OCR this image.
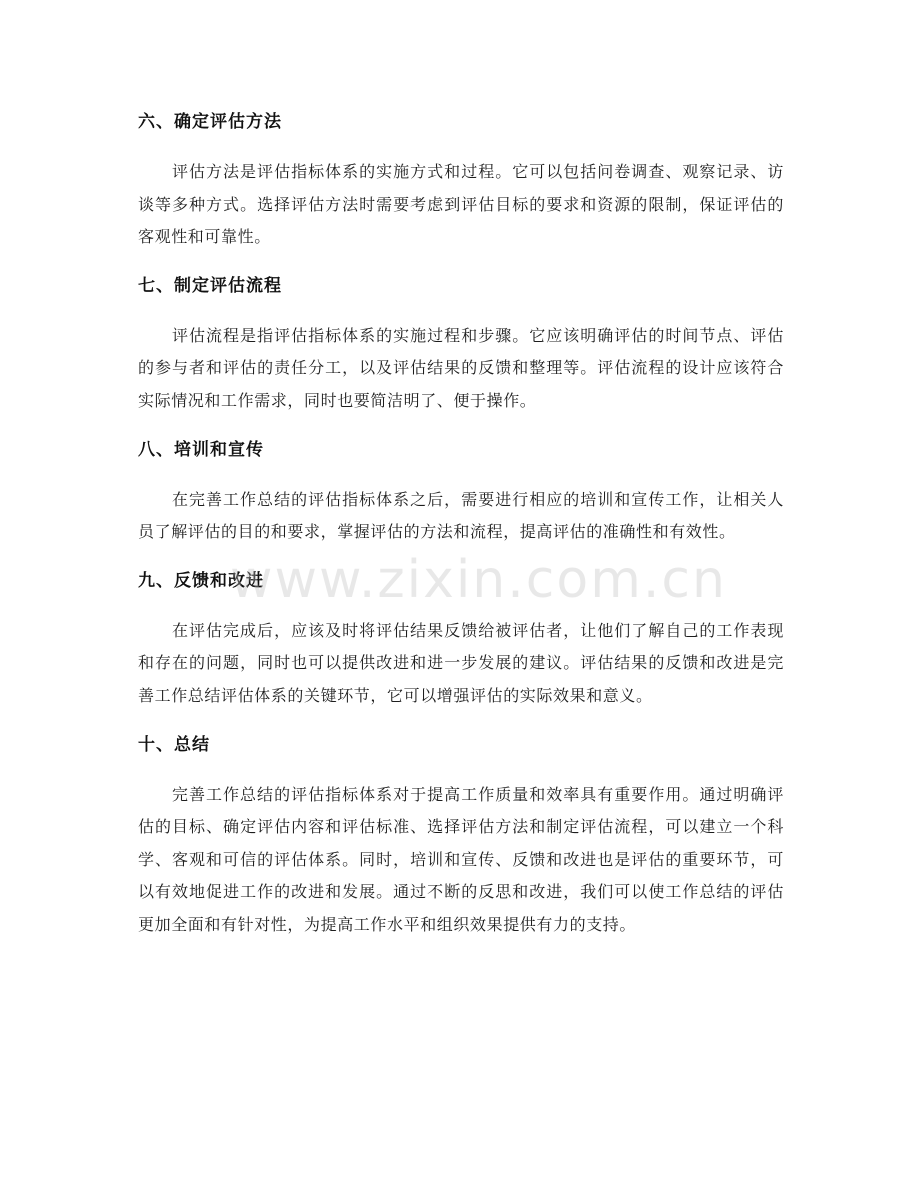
六、确定评估方法

评估方法是评估指标体系的实施方式和过程。它可以包括问卷调查、观察记录、访谈等多种方式。选择评估方法时需要考虑到评估目标的要求和资源的限制，保证评估的客观性和可靠性。

七、制定评估流程

评估流程是指评估指标体系的实施过程和步骤。它应该明确评估的时间节点、评估的参与者和评估的责任分工，以及评估结果的反馈和整理等。评估流程的设计应该符合实际情况和工作需求，同时也要简洁明了、便于操作。

八、培训和宣传

在完善工作总结的评估指标体系之后，需要进行相应的培训和宣传工作，让相关人员了解评估的目的和要求，掌握评估的方法和流程，提高评估的准确性和有效性。

九、反馈和改进

在评估完成后，应该及时将评估结果反馈给被评估者，让他们了解自己的工作表现和存在的问题，同时也可以提供改进和进一步发展的建议。评估结果的反馈和改进是完善工作总结评估体系的关键环节，它可以增强评估的实际效果和意义。

十、总结

完善工作总结的评估指标体系对于提高工作质量和效率具有重要作用。通过明确评估的目标、确定评估内容和评估标准、选择评估方法和制定评估流程，可以建立一个科学、客观和可信的评估体系。同时，培训和宣传、反馈和改进也是评估的重要环节，可以有效地促进工作的改进和发展。通过不断的反思和改进，我们可以使工作总结的评估更加全面和有针对性，为提高工作水平和组织效果提供有力的支持。

www.zixin.com.cn
